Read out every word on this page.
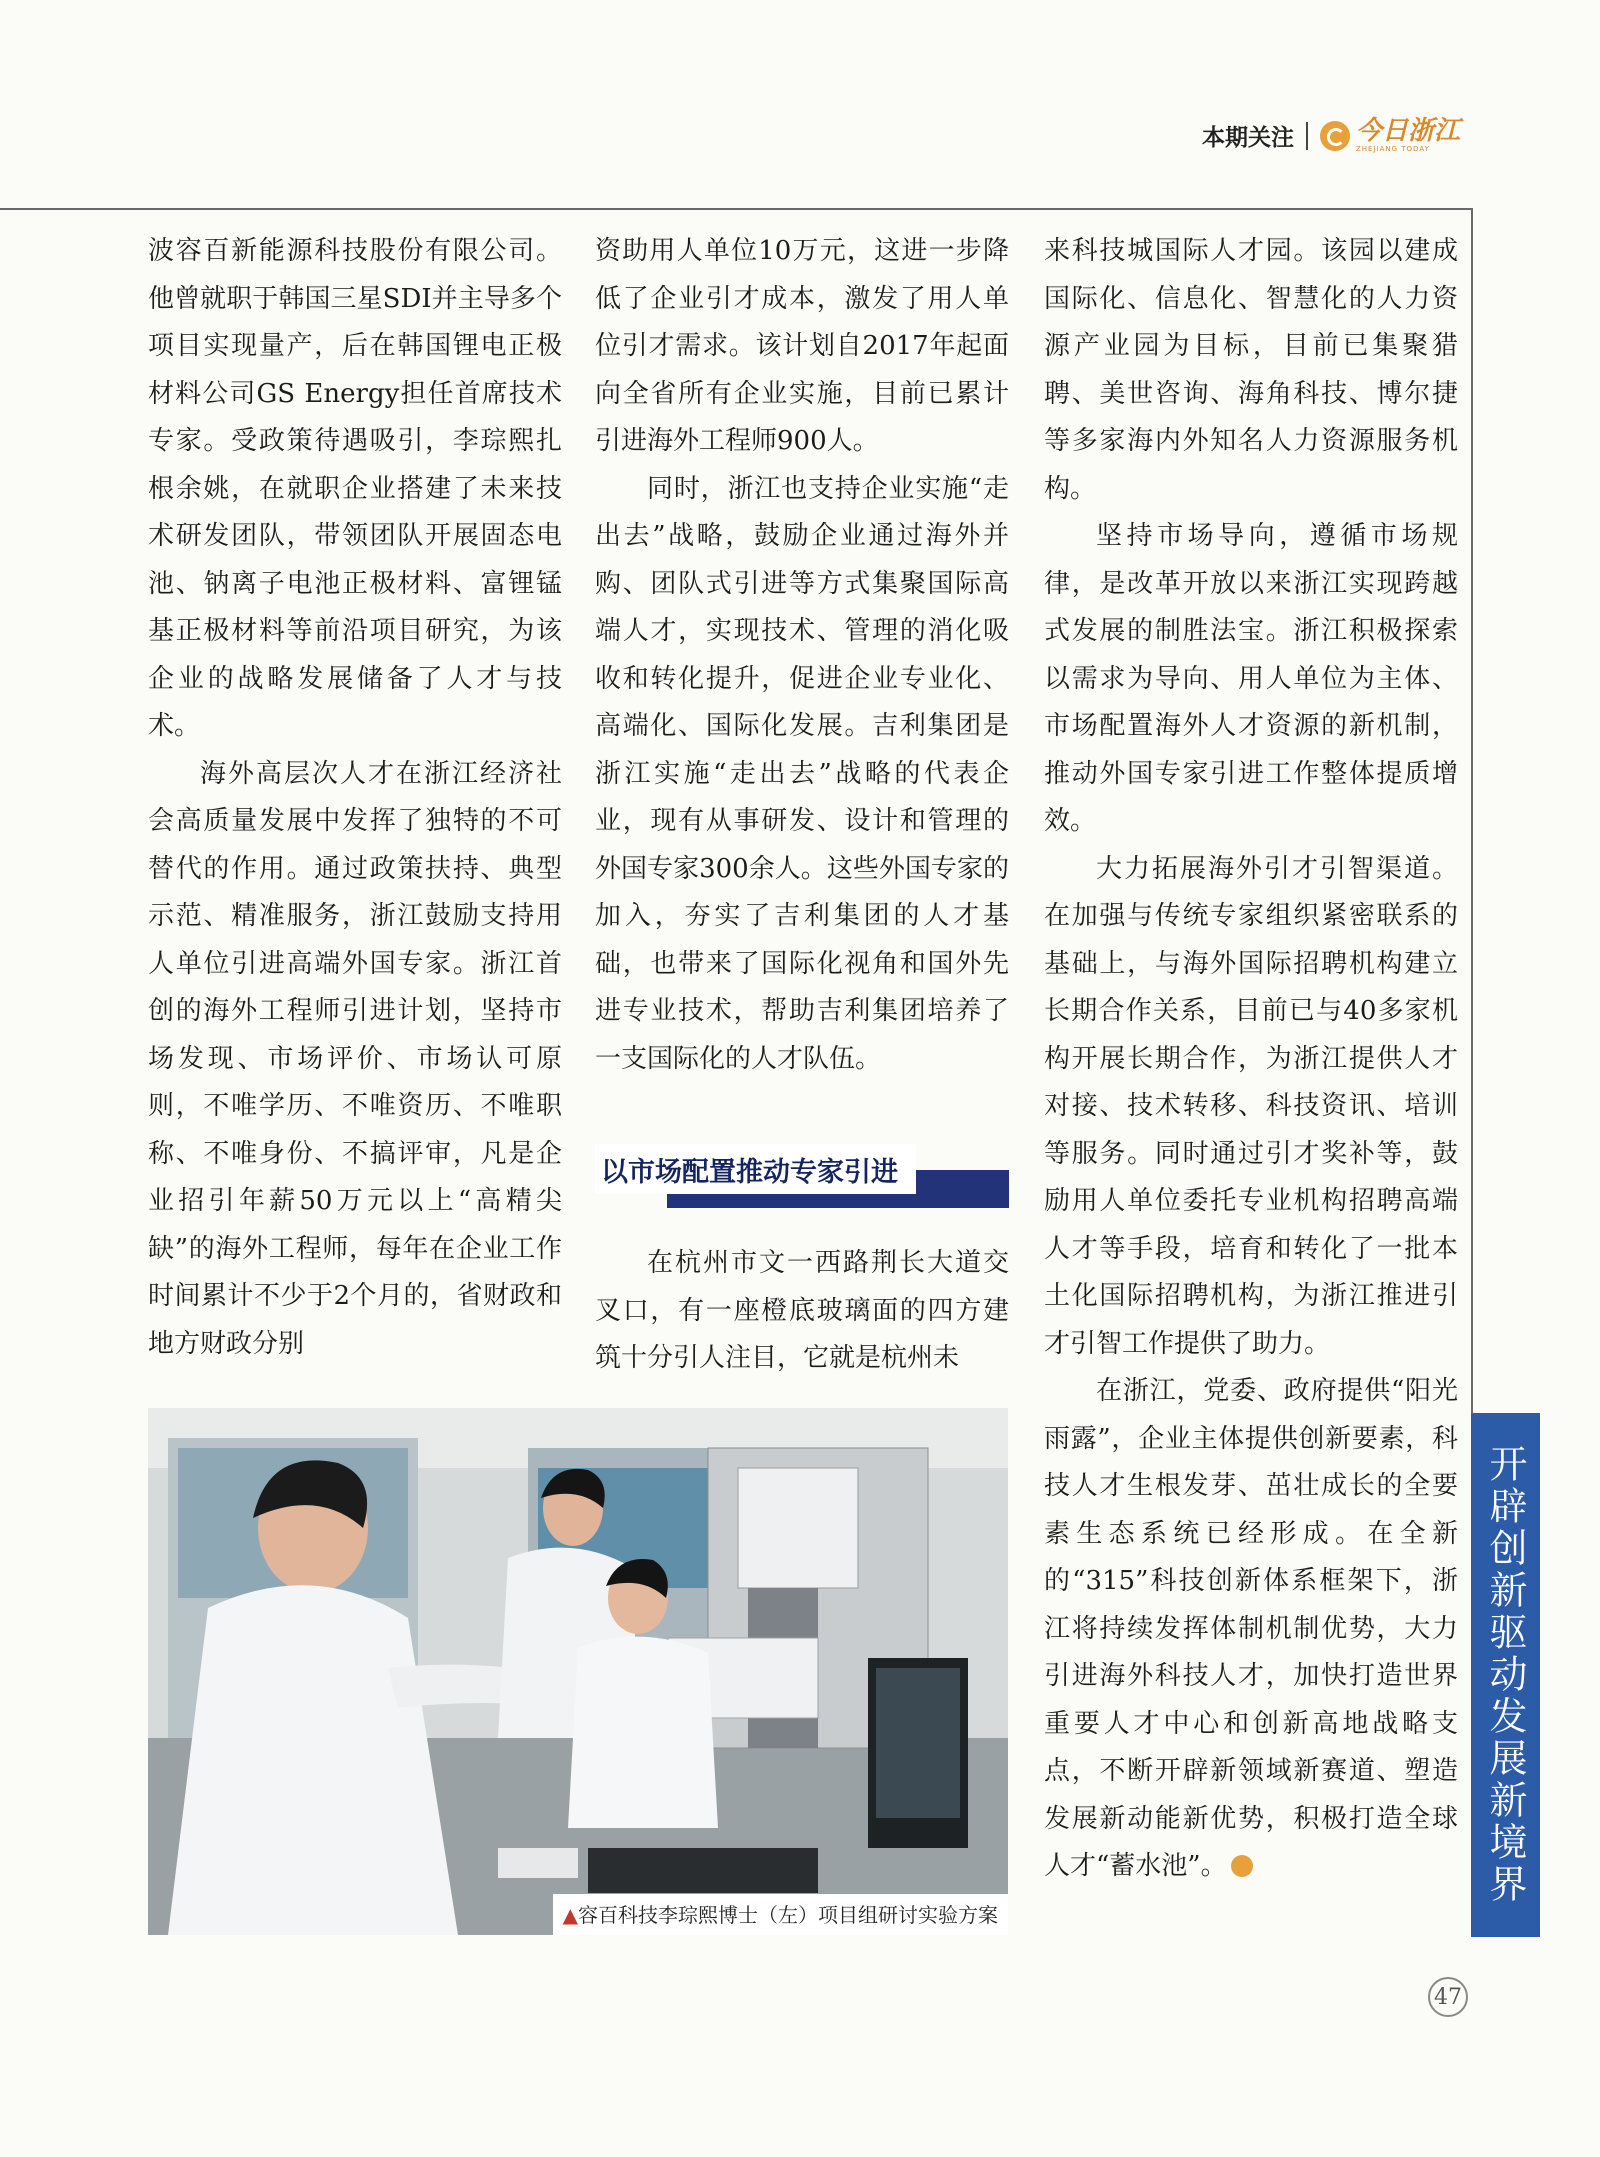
本期关注 今日浙江
ZHEJIANG TODAY

波容百新能源科技股份有限公司。他曾就职于韩国三星SDI并主导多个项目实现量产，后在韩国锂电正极材料公司GS Energy担任首席技术专家。受政策待遇吸引，李琮熙扎根余姚，在就职企业搭建了未来技术研发团队，带领团队开展固态电池、钠离子电池正极材料、富锂锰基正极材料等前沿项目研究，为该企业的战略发展储备了人才与技术。

海外高层次人才在浙江经济社会高质量发展中发挥了独特的不可替代的作用。通过政策扶持、典型示范、精准服务，浙江鼓励支持用人单位引进高端外国专家。浙江首创的海外工程师引进计划，坚持市场发现、市场评价、市场认可原则，不唯学历、不唯资历、不唯职称、不唯身份、不搞评审，凡是企业招引年薪50万元以上“高精尖缺”的海外工程师，每年在企业工作时间累计不少于2个月的，省财政和地方财政分别

资助用人单位10万元，这进一步降低了企业引才成本，激发了用人单位引才需求。该计划自2017年起面向全省所有企业实施，目前已累计引进海外工程师900人。

同时，浙江也支持企业实施“走出去”战略，鼓励企业通过海外并购、团队式引进等方式集聚国际高端人才，实现技术、管理的消化吸收和转化提升，促进企业专业化、高端化、国际化发展。吉利集团是浙江实施“走出去”战略的代表企业，现有从事研发、设计和管理的外国专家300余人。这些外国专家的加入，夯实了吉利集团的人才基础，也带来了国际化视角和国外先进专业技术，帮助吉利集团培养了一支国际化的人才队伍。

以市场配置推动专家引进

在杭州市文一西路荆长大道交叉口，有一座橙底玻璃面的四方建筑十分引人注目，它就是杭州未

来科技城国际人才园。该园以建成国际化、信息化、智慧化的人力资源产业园为目标，目前已集聚猎聘、美世咨询、海角科技、博尔捷等多家海内外知名人力资源服务机构。

坚持市场导向，遵循市场规律，是改革开放以来浙江实现跨越式发展的制胜法宝。浙江积极探索以需求为导向、用人单位为主体、市场配置海外人才资源的新机制，推动外国专家引进工作整体提质增效。

大力拓展海外引才引智渠道。在加强与传统专家组织紧密联系的基础上，与海外国际招聘机构建立长期合作关系，目前已与40多家机构开展长期合作，为浙江提供人才对接、技术转移、科技资讯、培训等服务。同时通过引才奖补等，鼓励用人单位委托专业机构招聘高端人才等手段，培育和转化了一批本土化国际招聘机构，为浙江推进引才引智工作提供了助力。

在浙江，党委、政府提供“阳光雨露”，企业主体提供创新要素，科技人才生根发芽、茁壮成长的全要素生态系统已经形成。在全新的“315”科技创新体系框架下，浙江将持续发挥体制机制优势，大力引进海外科技人才，加快打造世界重要人才中心和创新高地战略支点，不断开辟新领域新赛道、塑造发展新动能新优势，积极打造全球人才“蓄水池”。

▲容百科技李琮熙博士（左）项目组研讨实验方案
开辟创新驱动发展新境界
47
